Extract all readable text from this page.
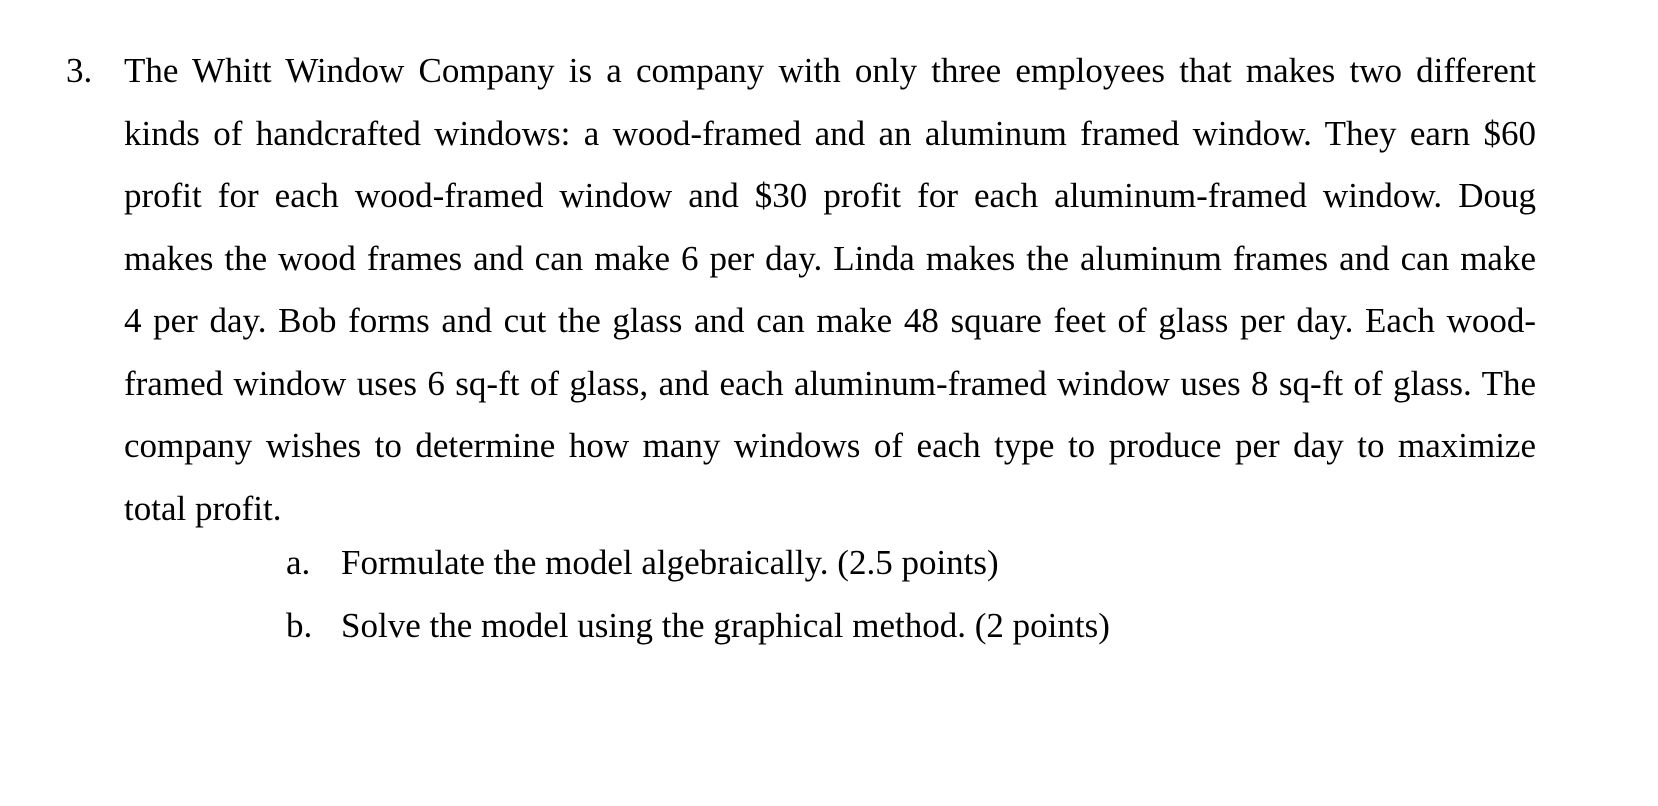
3. The Whitt Window Company is a company with only three employees that makes two different
kinds of handcrafted windows: a wood-framed and an aluminum framed window. They earn $60
profit for each wood-framed window and $30 profit for each aluminum-framed window. Doug
makes the wood frames and can make 6 per day. Linda makes the aluminum frames and can make
4 per day. Bob forms and cut the glass and can make 48 square feet of glass per day. Each wood-
framed window uses 6 sq-ft of glass, and each aluminum-framed window uses 8 sq-ft of glass. The
company wishes to determine how many windows of each type to produce per day to maximize
total profit.
a. Formulate the model algebraically. (2.5 points)
b. Solve the model using the graphical method. (2 points)
